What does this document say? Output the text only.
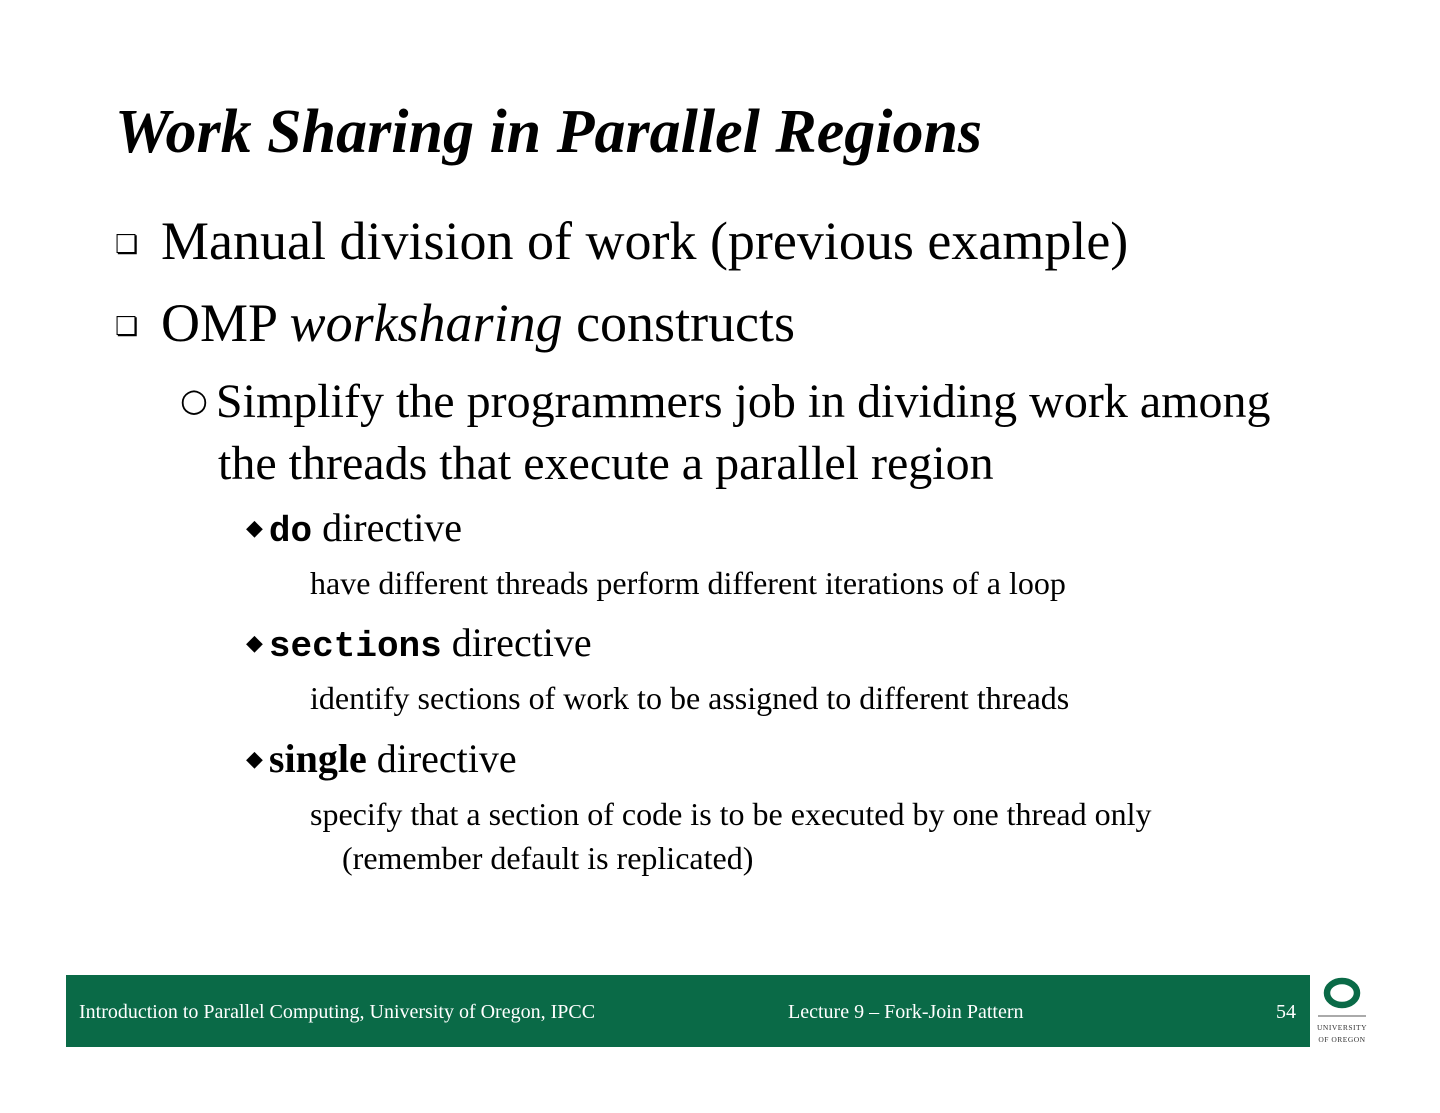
Work Sharing in Parallel Regions
❏ Manual division of work (previous example)
❏ OMP worksharing constructs
○ Simplify the programmers job in dividing work among
the threads that execute a parallel region
◆ do directive
have different threads perform different iterations of a loop
◆ sections directive
identify sections of work to be assigned to different threads
◆ single directive
specify that a section of code is to be executed by one thread only
(remember default is replicated)
Introduction to Parallel Computing, University of Oregon, IPCC	Lecture 9 – Fork-Join Pattern	54
UNIVERSITY
OF OREGON
